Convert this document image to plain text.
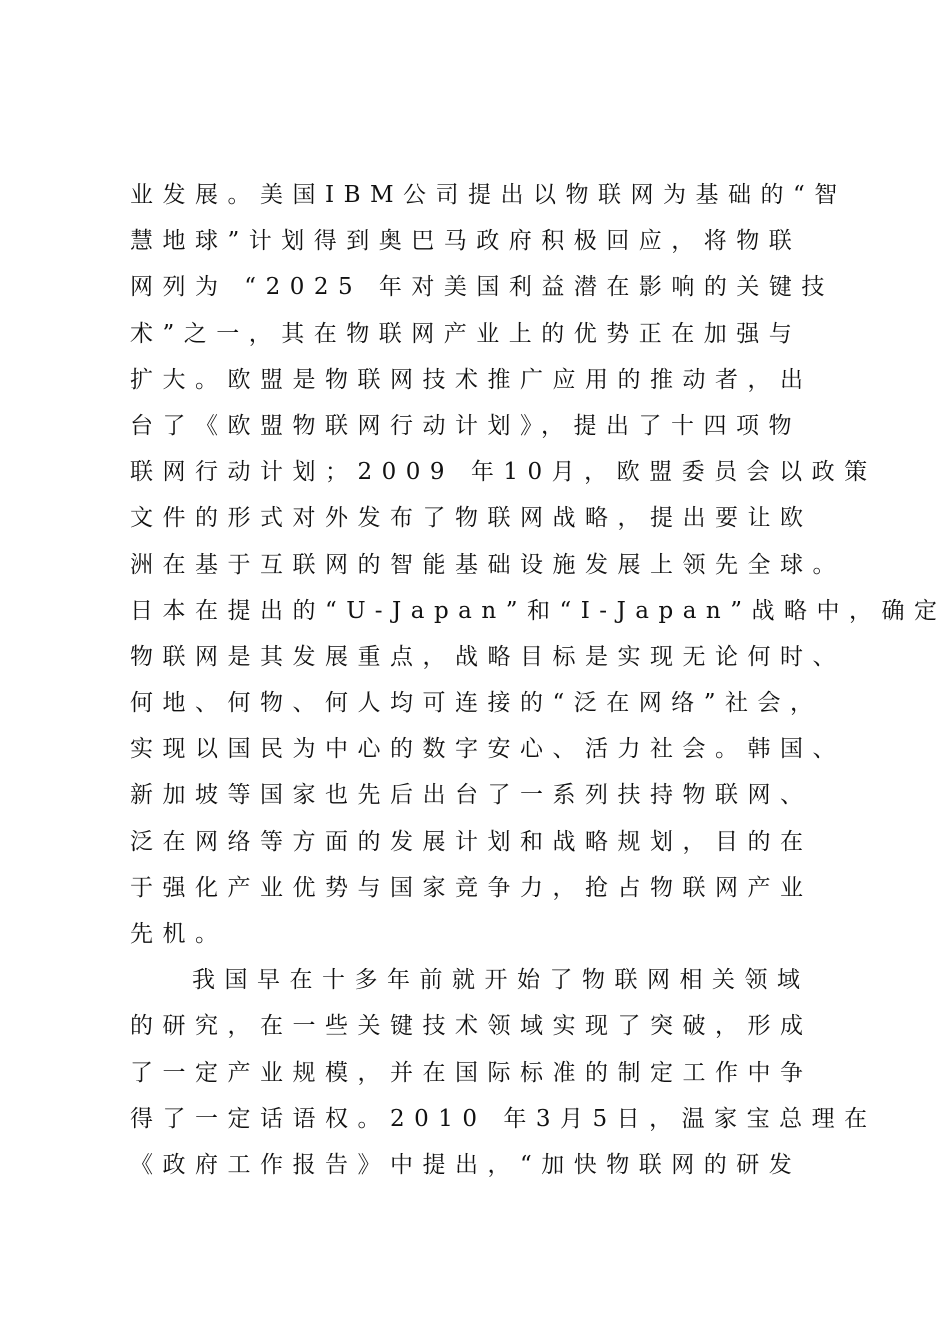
业发展。美国IBM公司提出以物联网为基础的“智
慧地球”计划得到奥巴马政府积极回应，将物联
网列为 “2025 年对美国利益潜在影响的关键技
术”之一，其在物联网产业上的优势正在加强与
扩大。欧盟是物联网技术推广应用的推动者，出
台了《欧盟物联网行动计划》，提出了十四项物
联网行动计划；2009 年10月，欧盟委员会以政策
文件的形式对外发布了物联网战略，提出要让欧
洲在基于互联网的智能基础设施发展上领先全球。
日本在提出的“U-Japan”和“I-Japan”战略中，确定
物联网是其发展重点，战略目标是实现无论何时、
何地、何物、何人均可连接的“泛在网络”社会，
实现以国民为中心的数字安心、活力社会。韩国、
新加坡等国家也先后出台了一系列扶持物联网、
泛在网络等方面的发展计划和战略规划，目的在
于强化产业优势与国家竞争力，抢占物联网产业
先机。
我国早在十多年前就开始了物联网相关领域
的研究，在一些关键技术领域实现了突破，形成
了一定产业规模，并在国际标准的制定工作中争
得了一定话语权。2010 年3月5日，温家宝总理在
《政府工作报告》中提出，“加快物联网的研发
